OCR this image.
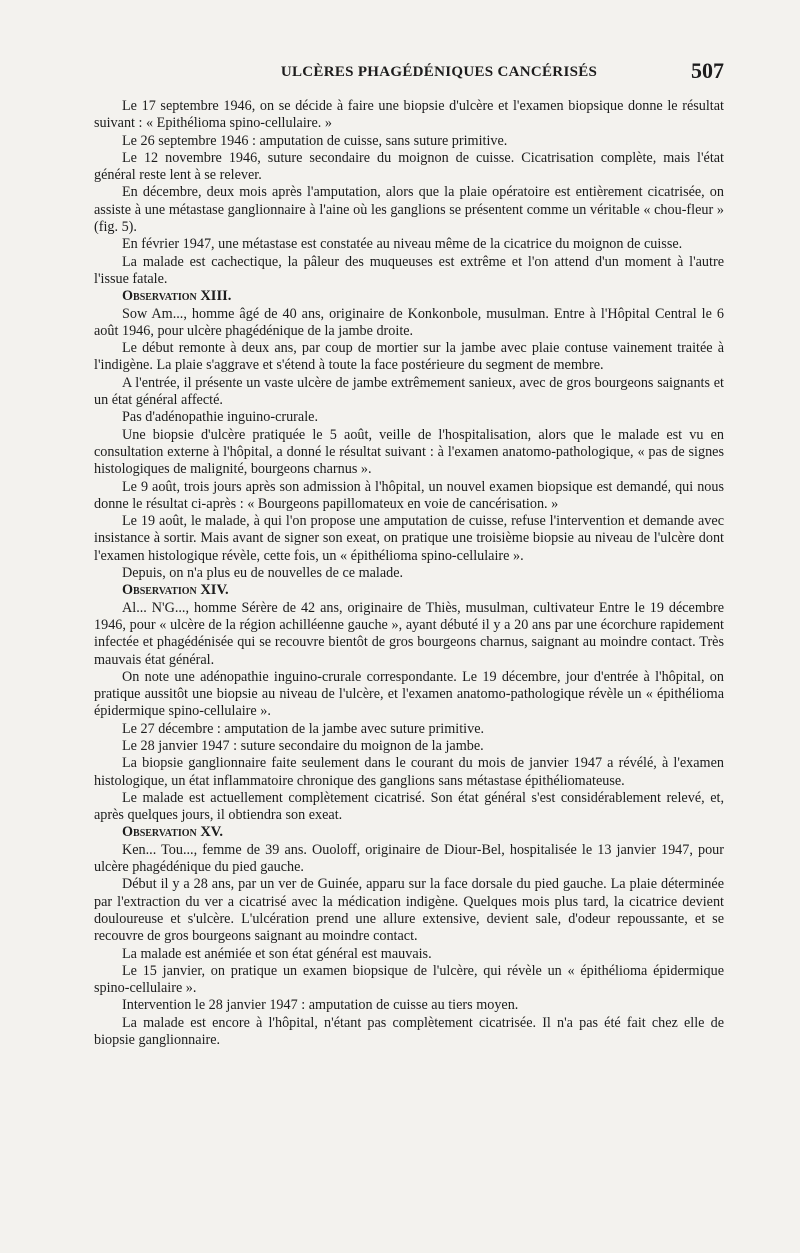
ULCÈRES PHAGÉDÉNIQUES CANCÉRISÉS	507

Le 17 septembre 1946, on se décide à faire une biopsie d'ulcère et l'examen biopsique donne le résultat suivant : « Epithélioma spino-cellulaire. »

Le 26 septembre 1946 : amputation de cuisse, sans suture primitive.

Le 12 novembre 1946, suture secondaire du moignon de cuisse. Cicatrisation complète, mais l'état général reste lent à se relever.

En décembre, deux mois après l'amputation, alors que la plaie opératoire est entièrement cicatrisée, on assiste à une métastase ganglionnaire à l'aine où les ganglions se présentent comme un véritable « chou-fleur » (fig. 5).

En février 1947, une métastase est constatée au niveau même de la cicatrice du moignon de cuisse.

La malade est cachectique, la pâleur des muqueuses est extrême et l'on attend d'un moment à l'autre l'issue fatale.

Observation XIII.

Sow Am..., homme âgé de 40 ans, originaire de Konkonbole, musulman. Entre à l'Hôpital Central le 6 août 1946, pour ulcère phagédénique de la jambe droite.

Le début remonte à deux ans, par coup de mortier sur la jambe avec plaie contuse vainement traitée à l'indigène. La plaie s'aggrave et s'étend à toute la face postérieure du segment de membre.

A l'entrée, il présente un vaste ulcère de jambe extrêmement sanieux, avec de gros bourgeons saignants et un état général affecté.

Pas d'adénopathie inguino-crurale.

Une biopsie d'ulcère pratiquée le 5 août, veille de l'hospitalisation, alors que le malade est vu en consultation externe à l'hôpital, a donné le résultat suivant : à l'examen anatomo-pathologique, « pas de signes histologiques de malignité, bourgeons charnus ».

Le 9 août, trois jours après son admission à l'hôpital, un nouvel examen biopsique est demandé, qui nous donne le résultat ci-après : « Bourgeons papillomateux en voie de cancérisation. »

Le 19 août, le malade, à qui l'on propose une amputation de cuisse, refuse l'intervention et demande avec insistance à sortir. Mais avant de signer son exeat, on pratique une troisième biopsie au niveau de l'ulcère dont l'examen histologique révèle, cette fois, un « épithélioma spino-cellulaire ».

Depuis, on n'a plus eu de nouvelles de ce malade.

Observation XIV.

Al... N'G..., homme Sérère de 42 ans, originaire de Thiès, musulman, cultivateur Entre le 19 décembre 1946, pour « ulcère de la région achilléenne gauche », ayant débuté il y a 20 ans par une écorchure rapidement infectée et phagédénisée qui se recouvre bientôt de gros bourgeons charnus, saignant au moindre contact. Très mauvais état général.

On note une adénopathie inguino-crurale correspondante. Le 19 décembre, jour d'entrée à l'hôpital, on pratique aussitôt une biopsie au niveau de l'ulcère, et l'examen anatomo-pathologique révèle un « épithélioma épidermique spino-cellulaire ».

Le 27 décembre : amputation de la jambe avec suture primitive.

Le 28 janvier 1947 : suture secondaire du moignon de la jambe.

La biopsie ganglionnaire faite seulement dans le courant du mois de janvier 1947 a révélé, à l'examen histologique, un état inflammatoire chronique des ganglions sans métastase épithéliomateuse.

Le malade est actuellement complètement cicatrisé. Son état général s'est considérablement relevé, et, après quelques jours, il obtiendra son exeat.

Observation XV.

Ken... Tou..., femme de 39 ans. Ouoloff, originaire de Diour-Bel, hospitalisée le 13 janvier 1947, pour ulcère phagédénique du pied gauche.

Début il y a 28 ans, par un ver de Guinée, apparu sur la face dorsale du pied gauche. La plaie déterminée par l'extraction du ver a cicatrisé avec la médication indigène. Quelques mois plus tard, la cicatrice devient douloureuse et s'ulcère. L'ulcération prend une allure extensive, devient sale, d'odeur repoussante, et se recouvre de gros bourgeons saignant au moindre contact.

La malade est anémiée et son état général est mauvais.

Le 15 janvier, on pratique un examen biopsique de l'ulcère, qui révèle un « épithélioma épidermique spino-cellulaire ».

Intervention le 28 janvier 1947 : amputation de cuisse au tiers moyen.

La malade est encore à l'hôpital, n'étant pas complètement cicatrisée. Il n'a pas été fait chez elle de biopsie ganglionnaire.
